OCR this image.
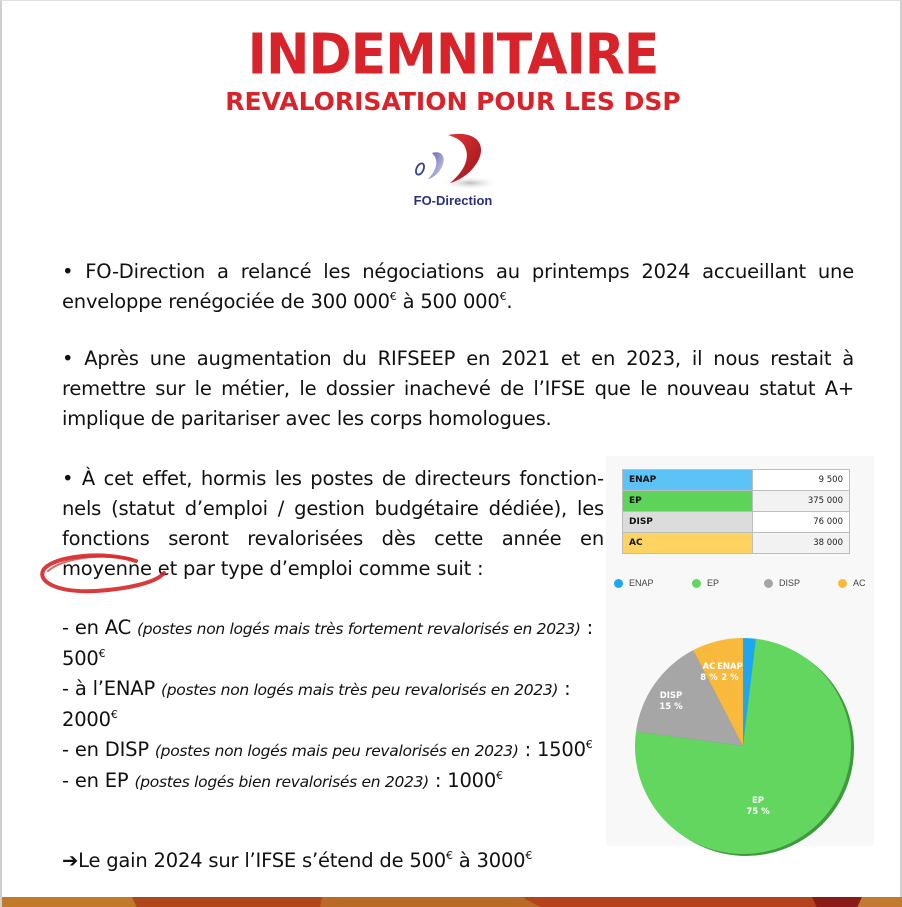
INDEMNITAIRE
REVALORISATION POUR LES DSP
FO-Direction

• FO-Direction a relancé les négociations au printemps 2024 accueillant une enveloppe renégociée de 300 000€ à 500 000€.

• Après une augmentation du RIFSEEP en 2021 et en 2023, il nous restait à remettre sur le métier, le dossier inachevé de l’IFSE que le nouveau statut A+ implique de paritariser avec les corps homologues.

• À cet effet, hormis les postes de directeurs fonctionnels (statut d’emploi / gestion budgétaire dédiée), les fonctions seront revalorisées dès cette année en moyenne et par type d’emploi comme suit :

- en AC (postes non logés mais très fortement revalorisés en 2023) : 500€
- à l’ENAP (postes non logés mais très peu revalorisés en 2023) : 2000€
- en DISP (postes non logés mais peu revalorisés en 2023) : 1500€
- en EP (postes logés bien revalorisés en 2023) : 1000€
➔Le gain 2024 sur l’IFSE s’étend de 500€ à 3000€
ENAP	9 500
EP	375 000
DISP	76 000
AC	38 000
ENAP	EP	DISP	AC
ENAP
2 %
EP
75 %
DISP
15 %
AC
8 %
